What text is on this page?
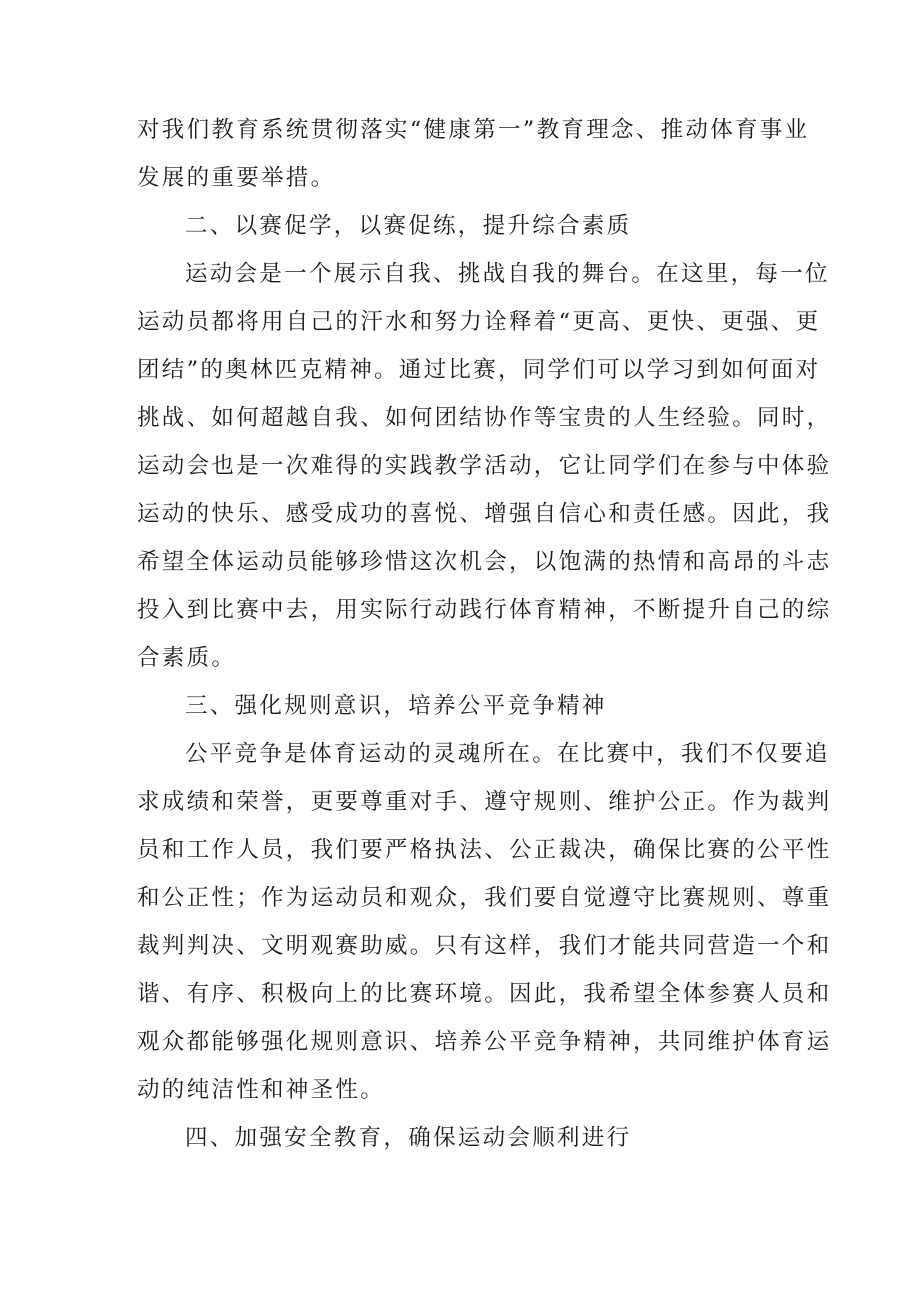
对我们教育系统贯彻落实“健康第一”教育理念、推动体育事业
发展的重要举措。
二、以赛促学，以赛促练，提升综合素质
运动会是一个展示自我、挑战自我的舞台。在这里，每一位
运动员都将用自己的汗水和努力诠释着“更高、更快、更强、更
团结”的奥林匹克精神。通过比赛，同学们可以学习到如何面对
挑战、如何超越自我、如何团结协作等宝贵的人生经验。同时，
运动会也是一次难得的实践教学活动，它让同学们在参与中体验
运动的快乐、感受成功的喜悦、增强自信心和责任感。因此，我
希望全体运动员能够珍惜这次机会，以饱满的热情和高昂的斗志
投入到比赛中去，用实际行动践行体育精神，不断提升自己的综
合素质。
三、强化规则意识，培养公平竞争精神
公平竞争是体育运动的灵魂所在。在比赛中，我们不仅要追
求成绩和荣誉，更要尊重对手、遵守规则、维护公正。作为裁判
员和工作人员，我们要严格执法、公正裁决，确保比赛的公平性
和公正性；作为运动员和观众，我们要自觉遵守比赛规则、尊重
裁判判决、文明观赛助威。只有这样，我们才能共同营造一个和
谐、有序、积极向上的比赛环境。因此，我希望全体参赛人员和
观众都能够强化规则意识、培养公平竞争精神，共同维护体育运
动的纯洁性和神圣性。
四、加强安全教育，确保运动会顺利进行
